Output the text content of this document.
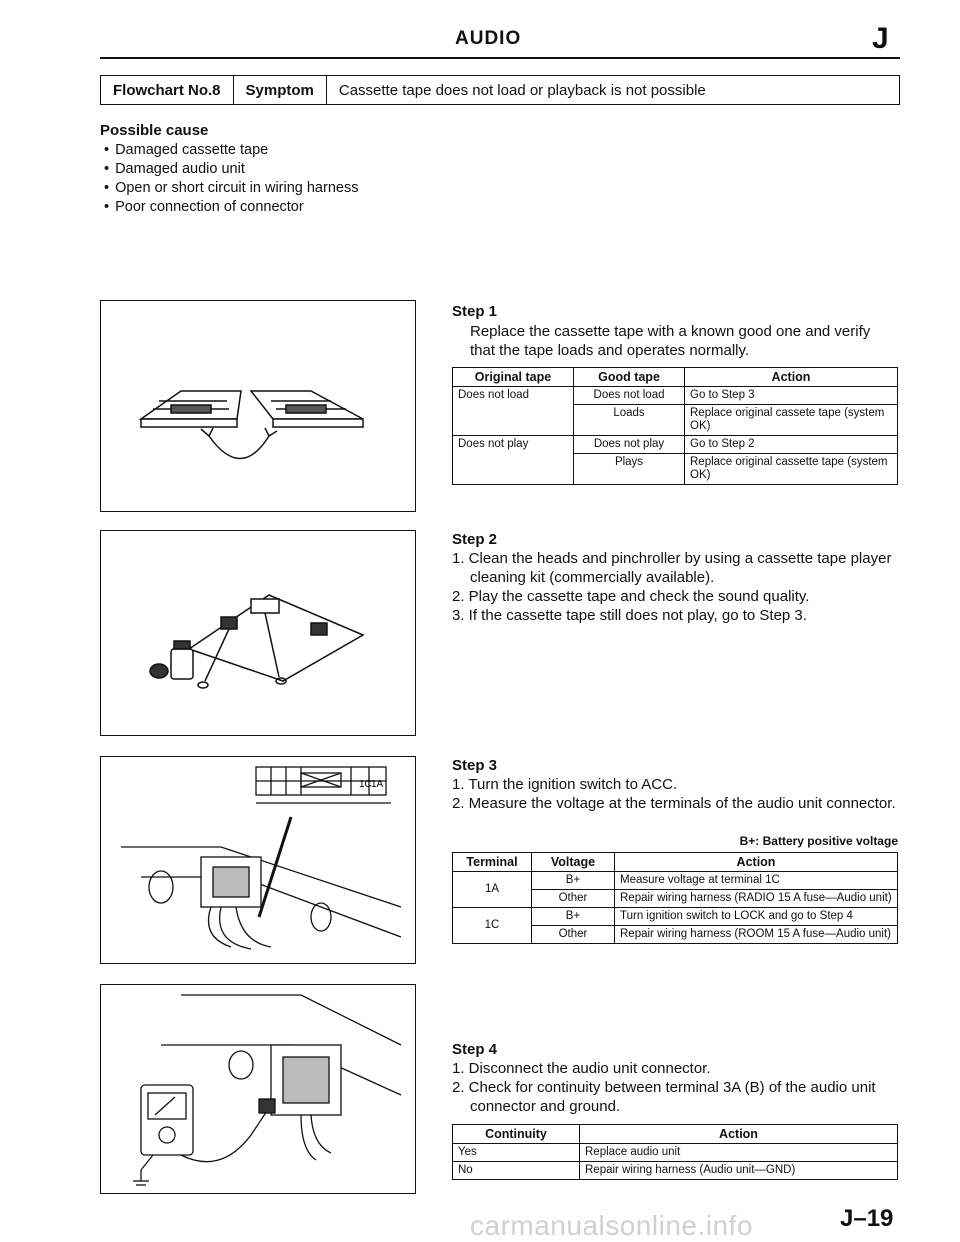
AUDIO	J
Flowchart No.8	Symptom	Cassette tape does not load or playback is not possible
Possible cause
• Damaged cassette tape
• Damaged audio unit
• Open or short circuit in wiring harness
• Poor connection of connector
1C 1A
Step 1
Replace the cassette tape with a known good one and verify that the tape loads and operates normally.
Original tape	Good tape	Action
Does not load	Does not load	Go to Step 3
	Loads	Replace original cassete tape (system OK)
Does not play	Does not play	Go to Step 2
	Plays	Replace original cassette tape (system OK)
Step 2

1. Clean the heads and pinchroller by using a cassette tape player cleaning kit (commercially available).

2. Play the cassette tape and check the sound quality.

3. If the cassette tape still does not play, go to Step 3.

Step 3

1. Turn the ignition switch to ACC.

2. Measure the voltage at the terminals of the audio unit connector.

B+: Battery positive voltage
Terminal	Voltage	Action
1A	B+	Measure voltage at terminal 1C
	Other	Repair wiring harness (RADIO 15 A fuse—Audio unit)
1C	B+	Turn ignition switch to LOCK and go to Step 4
	Other	Repair wiring harness (ROOM 15 A fuse—Audio unit)
Step 4

1. Disconnect the audio unit connector.

2. Check for continuity between terminal 3A (B) of the audio unit connector and ground.

Continuity	Action
Yes	Replace audio unit
No	Repair wiring harness (Audio unit—GND)
carmanualsonline.info	J–19
